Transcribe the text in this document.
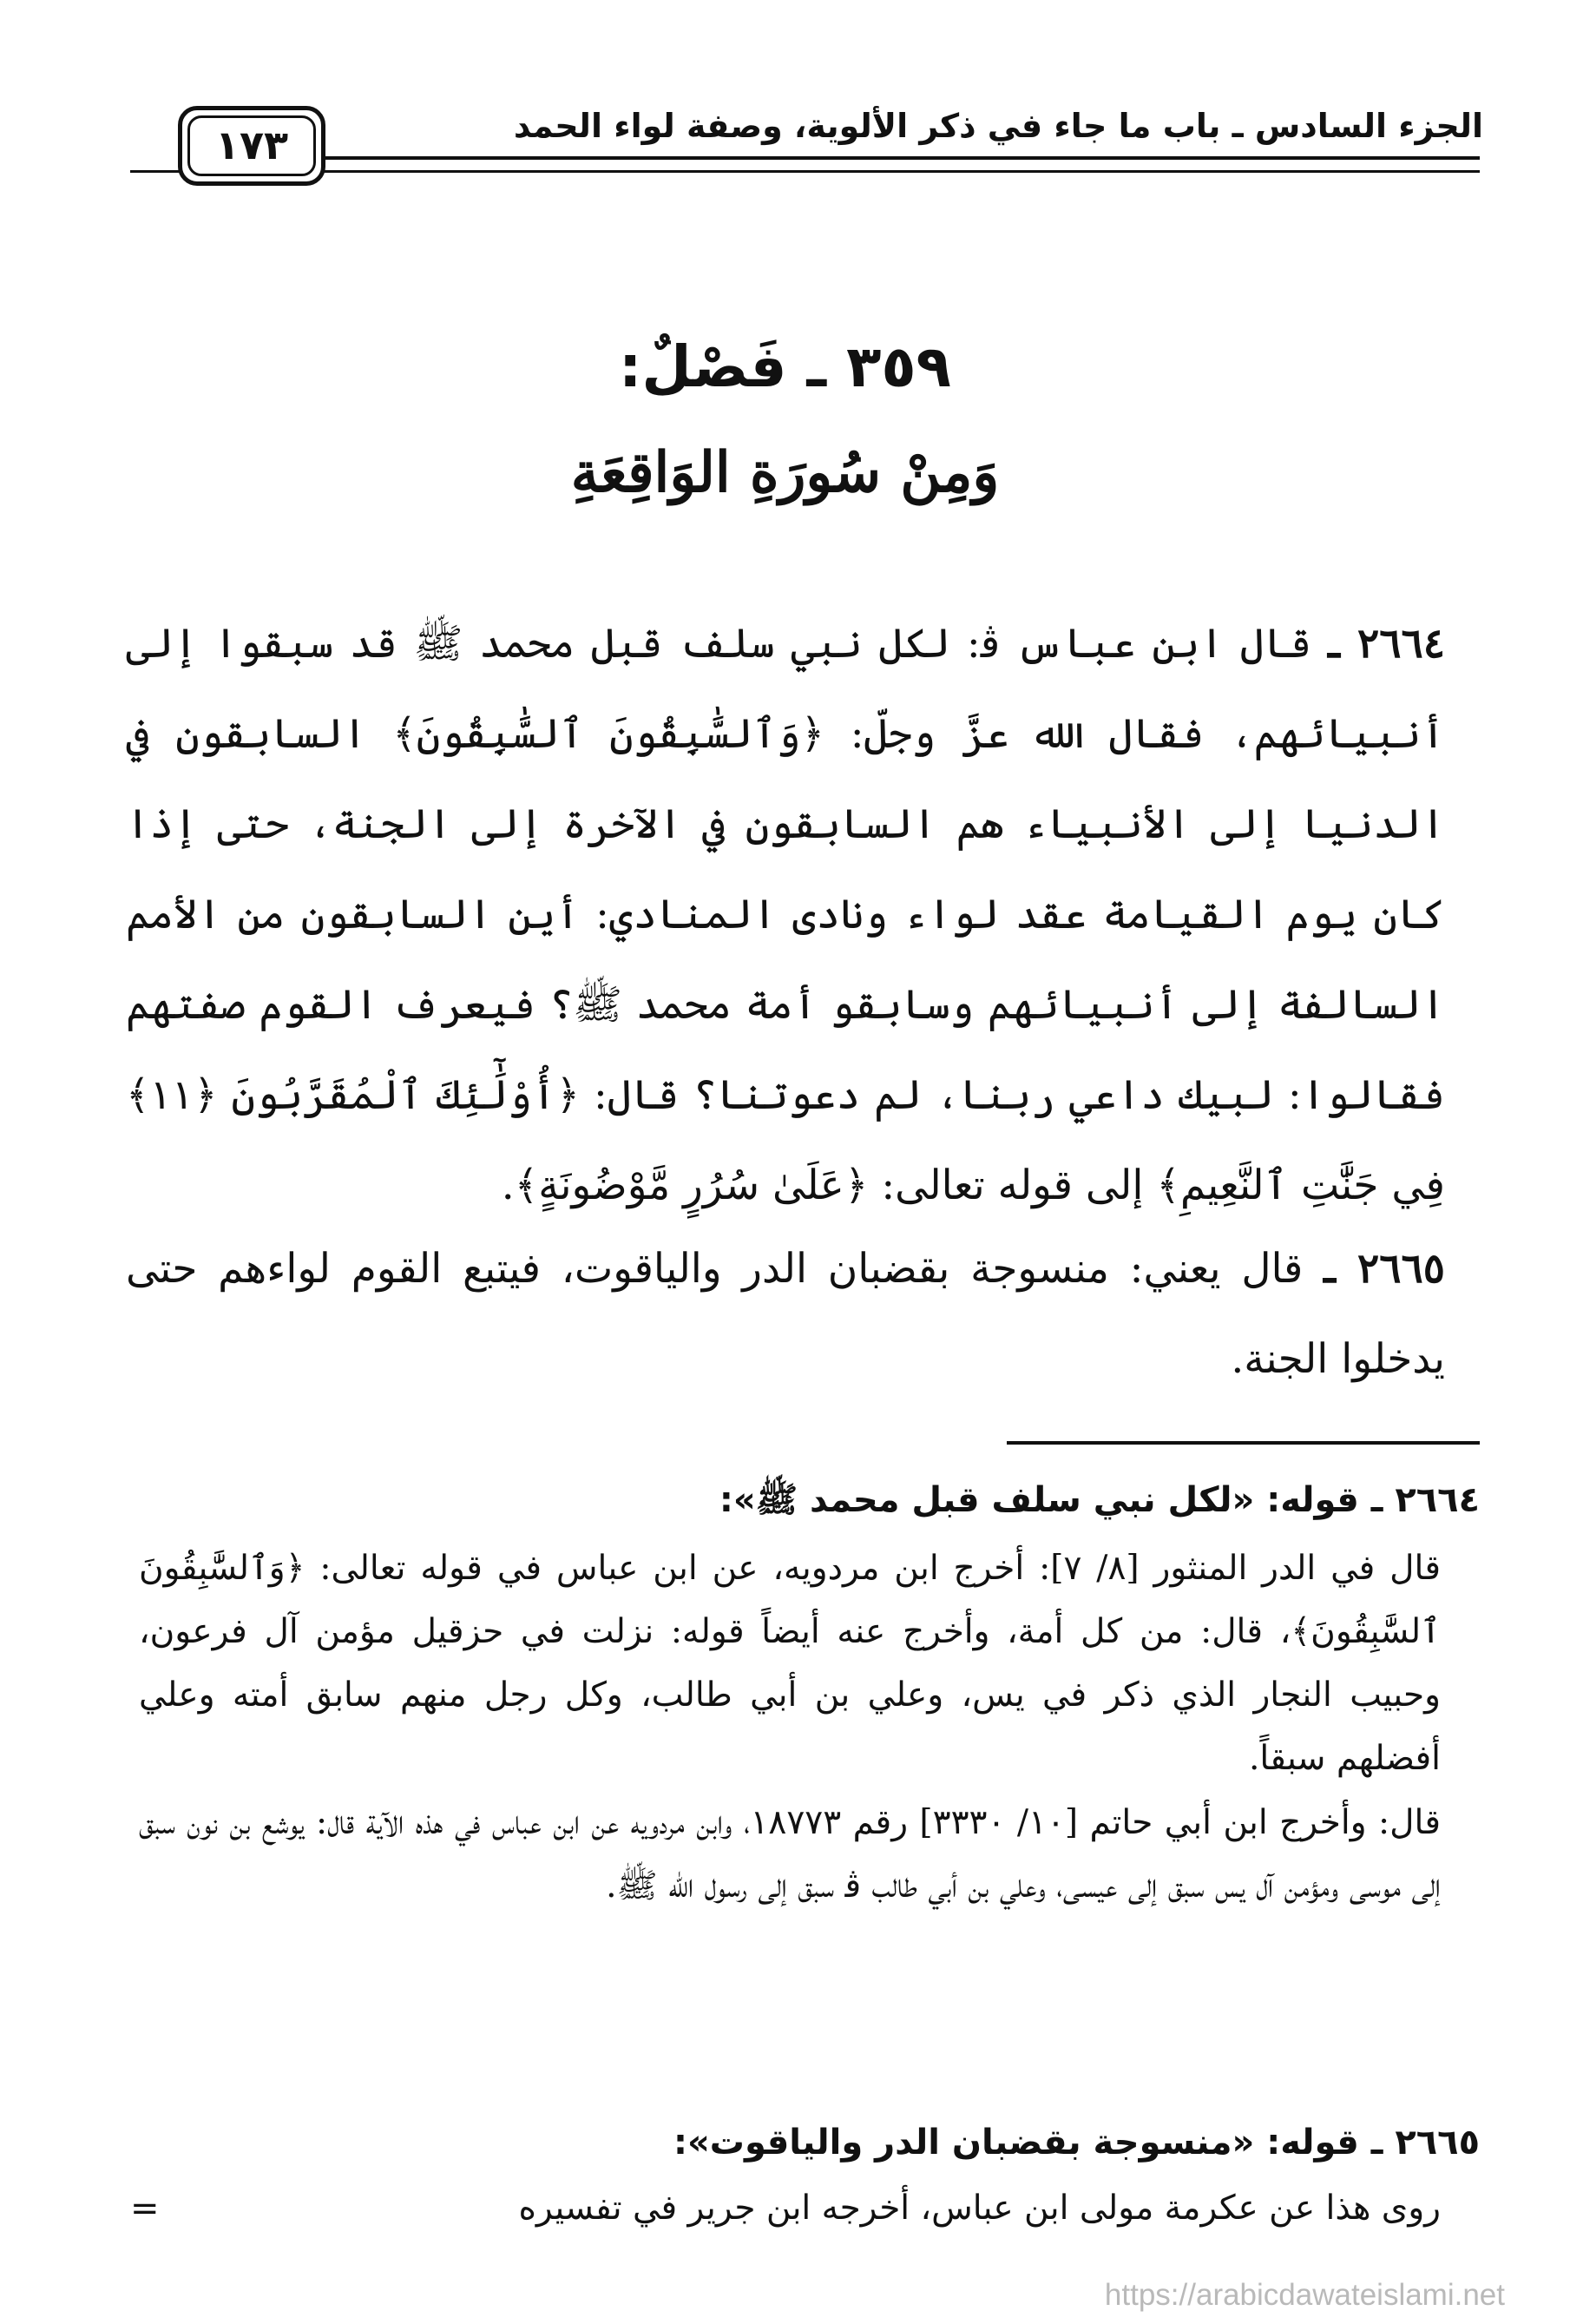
الجزء السادس ـ باب ما جاء في ذكر الألوية، وصفة لواء الحمد
١٧٣
٣٥٩ ـ فَصْلٌ:
وَمِنْ سُورَةِ الوَاقِعَةِ
٢٦٦٤ ـ قال ابن عباس ﭬ: لكل نبي سلف قبل محمد ﷺ قد سبقوا إلى أنبيائهم، فقال الله عزَّ وجلّ: ﴿وَٱلسَّٰبِقُونَ ٱلسَّٰبِقُونَ﴾ السابقون في الدنيا إلى الأنبياء هم السابقون في الآخرة إلى الجنة، حتى إذا كان يوم القيامة عقد لواء ونادى المنادي: أين السابقون من الأمم السالفة إلى أنبيائهم وسابقو أمة محمد ﷺ؟ فيعرف القوم صفتهم فقالوا: لبيك داعي ربنا، لم دعوتنا؟ قال: ﴿أُوْلَٰٓئِكَ ٱلْمُقَرَّبُونَ ﴿١١﴾ فِي جَنَّٰتِ ٱلنَّعِيمِ﴾ إلى قوله تعالى: ﴿عَلَىٰ سُرُرٍ مَّوْضُونَةٍ﴾.
٢٦٦٥ ـ قال يعني: منسوجة بقضبان الدر والياقوت، فيتبع القوم لواءهم حتى يدخلوا الجنة.
٢٦٦٤ ـ قوله: «لكل نبي سلف قبل محمد ﷺ»:
قال في الدر المنثور [٨/ ٧]: أخرج ابن مردويه، عن ابن عباس في قوله تعالى: ﴿وَٱلسَّٰبِقُونَ ٱلسَّٰبِقُونَ﴾، قال: من كل أمة، وأخرج عنه أيضاً قوله: نزلت في حزقيل مؤمن آل فرعون، وحبيب النجار الذي ذكر في يس، وعلي بن أبي طالب، وكل رجل منهم سابق أمته وعلي أفضلهم سبقاً.
قال: وأخرج ابن أبي حاتم [١٠/ ٣٣٣٠] رقم ١٨٧٧٣، وابن مردويه عن ابن عباس في هذه الآية قال: يوشع بن نون سبق إلى موسى ومؤمن آل يس سبق إلى عيسى، وعلي بن أبي طالب ﭬ سبق إلى رسول الله ﷺ.
٢٦٦٥ ـ قوله: «منسوجة بقضبان الدر والياقوت»:
روى هذا عن عكرمة مولى ابن عباس، أخرجه ابن جرير في تفسيره
=
https://arabicdawateislami.net
